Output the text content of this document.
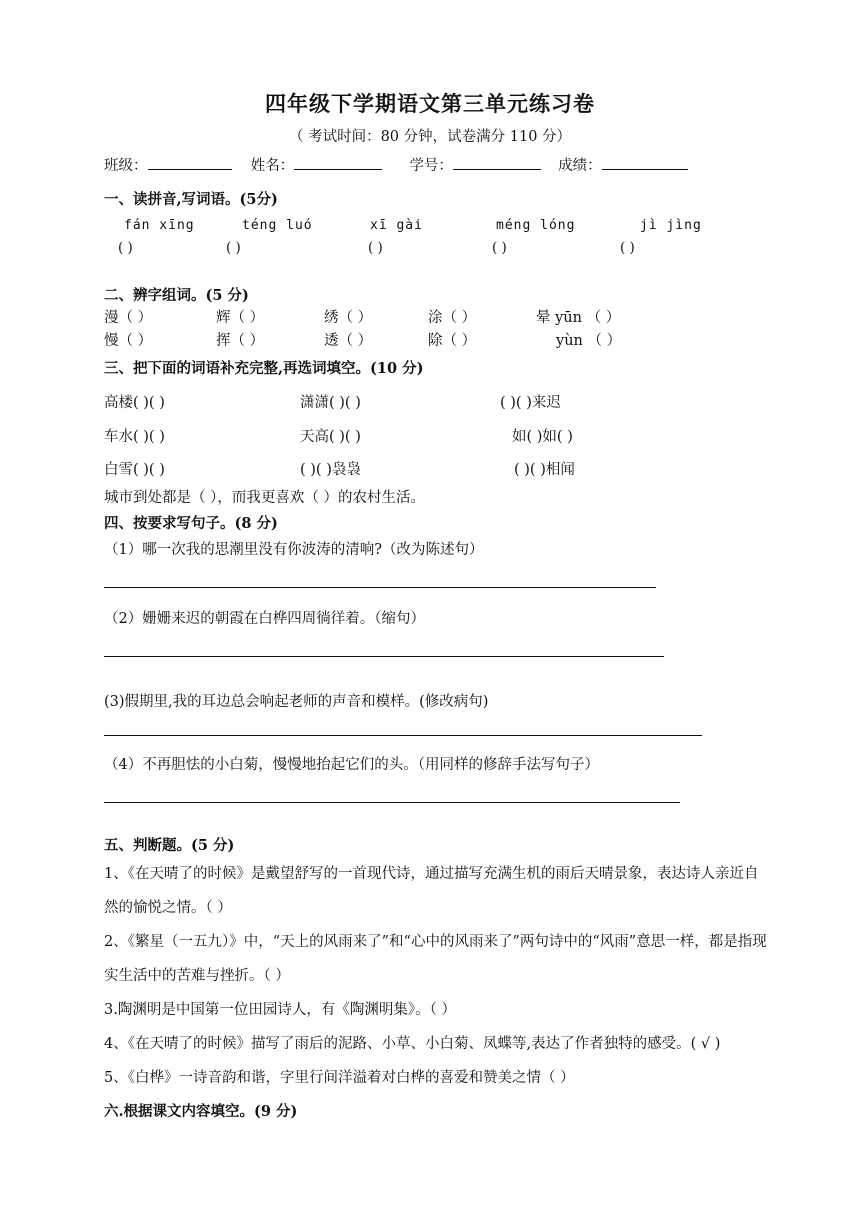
四年级下学期语文第三单元练习卷
（ 考试时间：80 分钟，试卷满分 110 分）
班级：	姓名：	学号：	成绩：
一、读拼音,写词语。(5分)
fán xīng	téng luó	xī gài	méng lóng	jì jìng
( )	( )	( )	( )	( )
二、辨字组词。(5 分)
漫（ ）	辉（ ）	绣（ ）	涂（ ）	晕 yūn （ ）
慢（ ）	挥（ ）	透（ ）	除（ ）	yùn （ ）
三、把下面的词语补充完整,再选词填空。(10 分)
高楼( )( )	潇潇( )( )	( )( )来迟
车水( )( )	天高( )( )	如( )如( )
白雪( )( )	( )( )袅袅	( )( )相闻
城市到处都是（ ），而我更喜欢（ ）的农村生活。
四、按要求写句子。(8 分)
（1）哪一次我的思潮里没有你波涛的清响?（改为陈述句）
（2）姗姗来迟的朝霞在白桦四周徜徉着。（缩句）
(3)假期里,我的耳边总会响起老师的声音和模样。(修改病句)
（4）不再胆怯的小白菊，慢慢地抬起它们的头。（用同样的修辞手法写句子）
五、判断题。(5 分)
1、《在天晴了的时候》是戴望舒写的一首现代诗，通过描写充满生机的雨后天晴景象，表达诗人亲近自然的愉悦之情。（ ）
2、《繁星（一五九）》中，“天上的风雨来了”和“心中的风雨来了”两句诗中的“风雨”意思一样，都是指现实生活中的苦难与挫折。（ ）
3.陶渊明是中国第一位田园诗人，有《陶渊明集》。（ ）
4、《在天晴了的时候》描写了雨后的泥路、小草、小白菊、凤蝶等,表达了作者独特的感受。( √ )
5、《白桦》一诗音韵和谐，字里行间洋溢着对白桦的喜爱和赞美之情（ ）
六.根据课文内容填空。(9 分)
